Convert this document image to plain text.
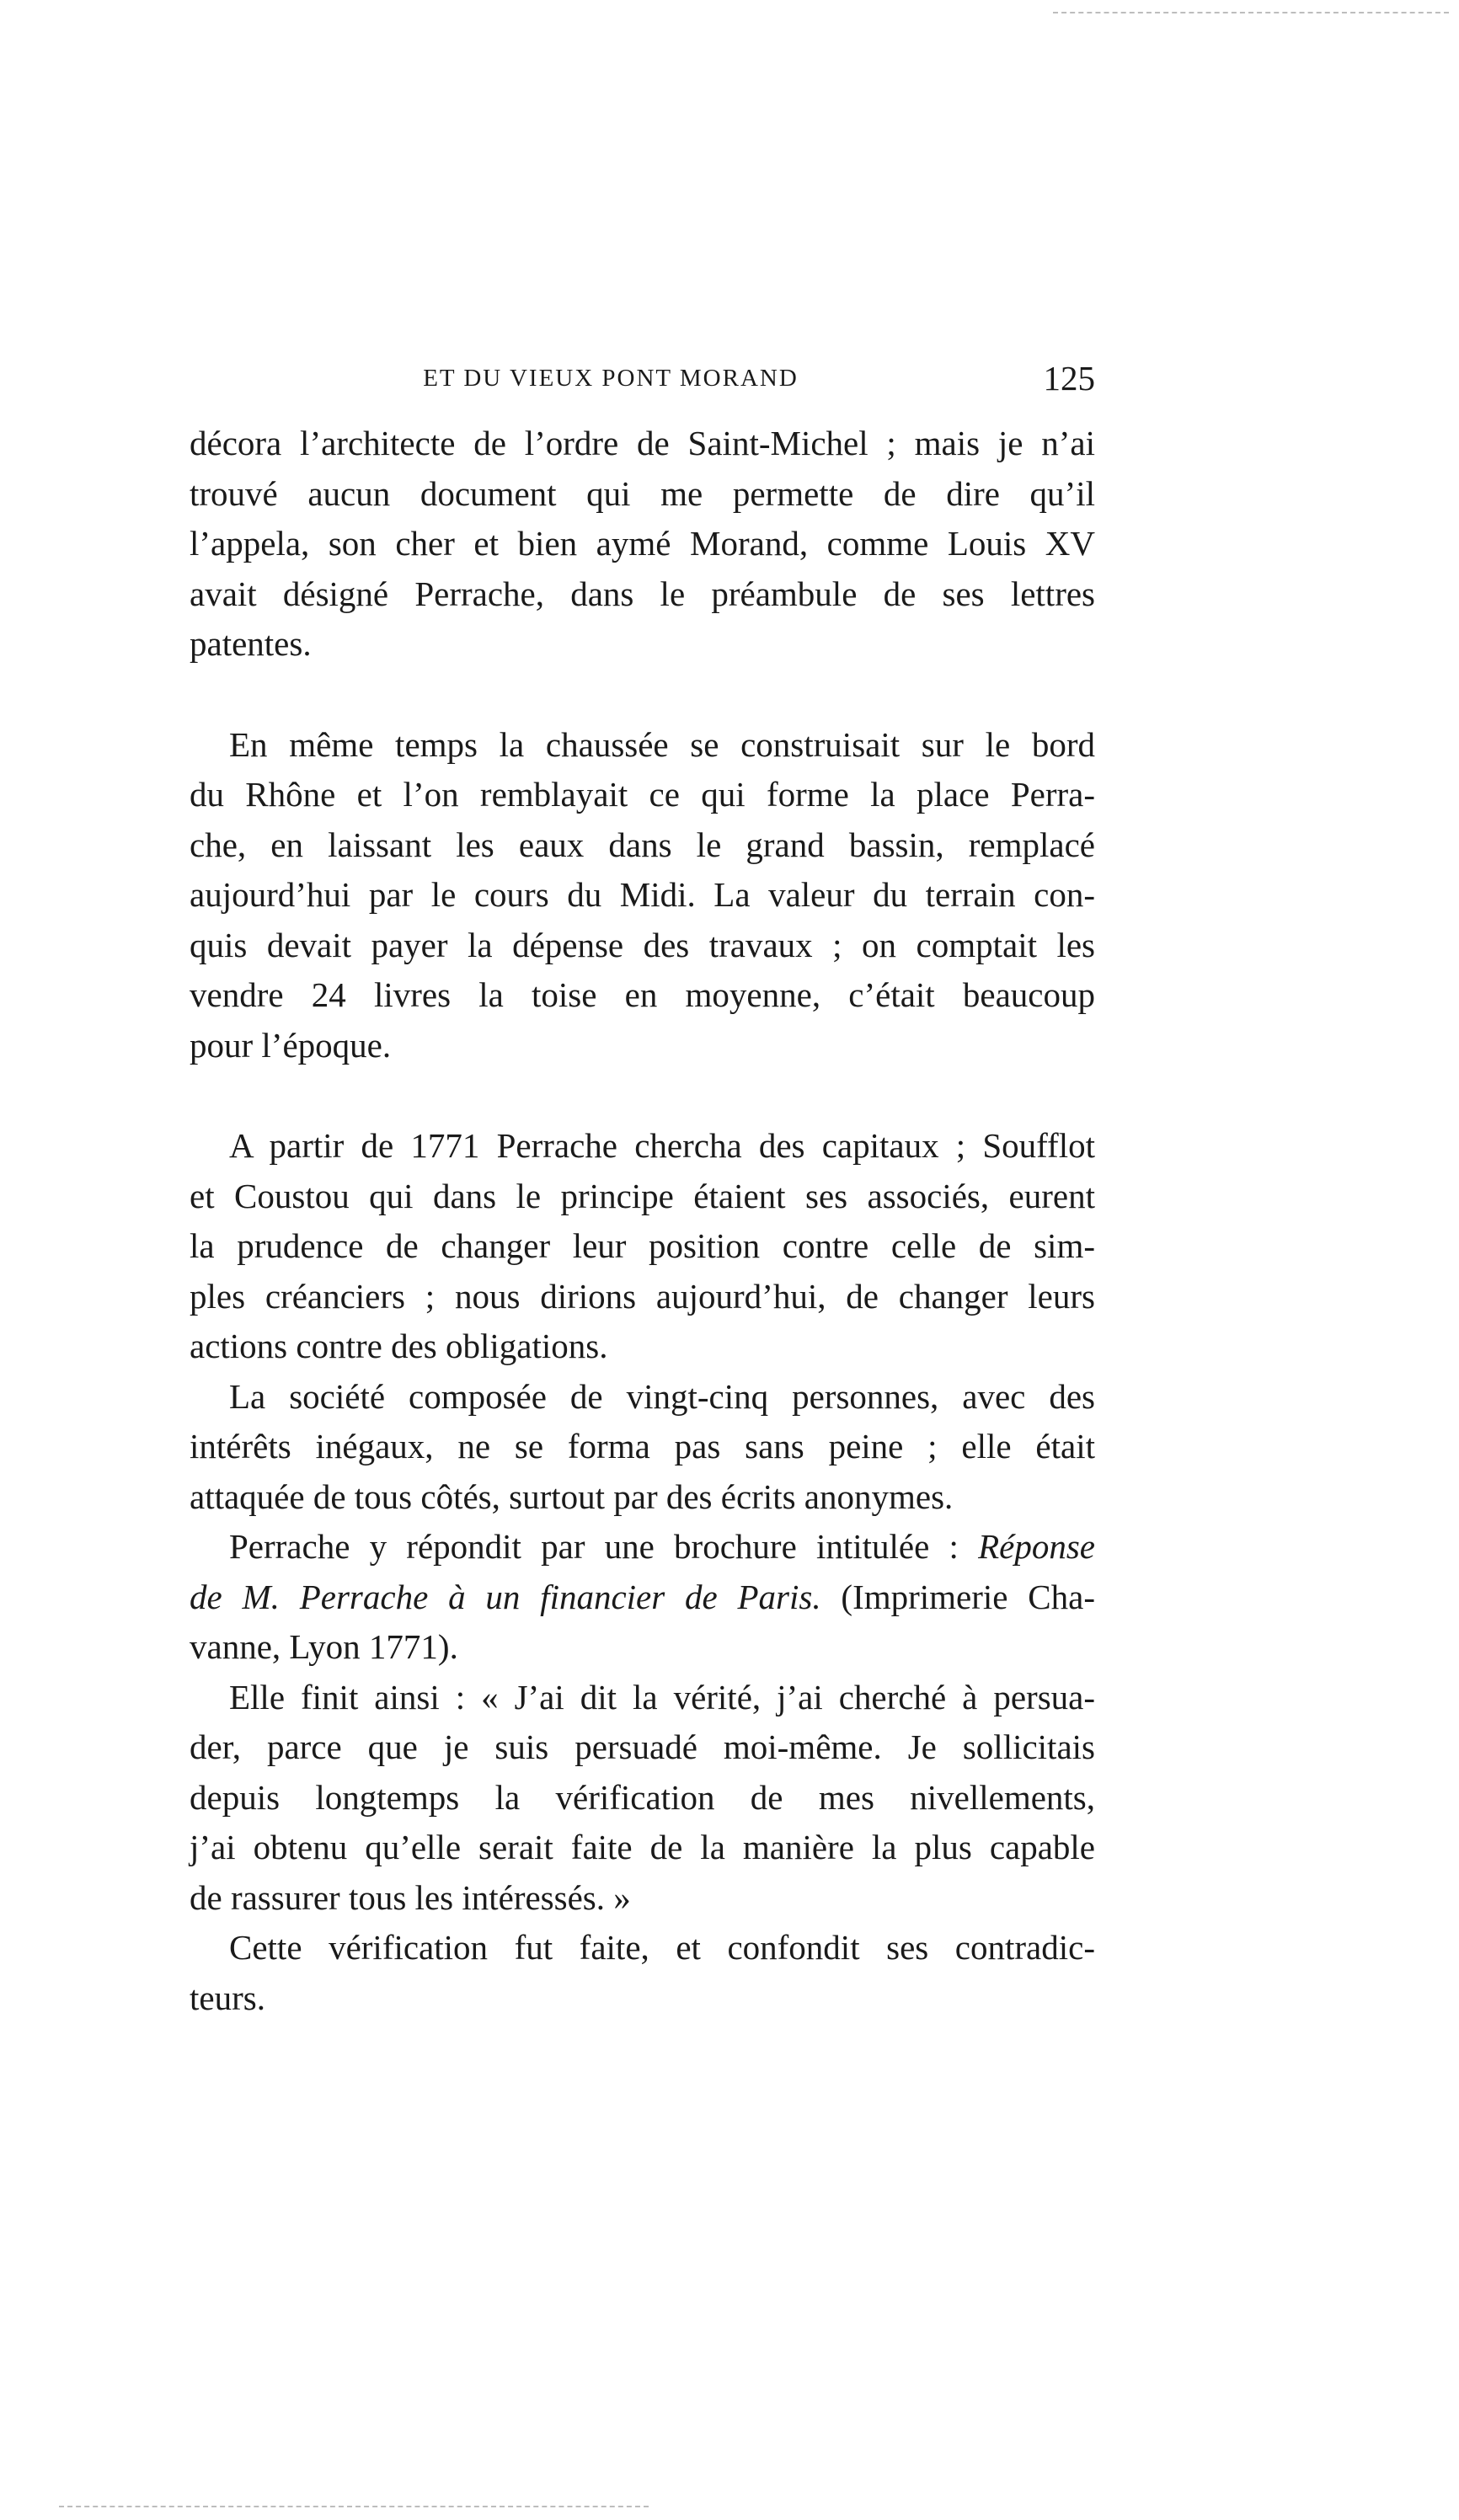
ET DU VIEUX PONT MORAND	125

décora l’architecte de l’ordre de Saint-Michel ; mais je n’ai
trouvé aucun document qui me permette de dire qu’il
l’appela, son cher et bien aymé Morand, comme Louis XV
avait désigné Perrache, dans le préambule de ses lettres
patentes.

En même temps la chaussée se construisait sur le bord
du Rhône et l’on remblayait ce qui forme la place Perra-
che, en laissant les eaux dans le grand bassin, remplacé
aujourd’hui par le cours du Midi. La valeur du terrain con-
quis devait payer la dépense des travaux ; on comptait les
vendre 24 livres la toise en moyenne, c’était beaucoup
pour l’époque.

A partir de 1771 Perrache chercha des capitaux ; Soufflot
et Coustou qui dans le principe étaient ses associés, eurent
la prudence de changer leur position contre celle de sim-
ples créanciers ; nous dirions aujourd’hui, de changer leurs
actions contre des obligations.

La société composée de vingt-cinq personnes, avec des
intérêts inégaux, ne se forma pas sans peine ; elle était
attaquée de tous côtés, surtout par des écrits anonymes.

Perrache y répondit par une brochure intitulée : Réponse
de M. Perrache à un financier de Paris. (Imprimerie Cha-
vanne, Lyon 1771).

Elle finit ainsi : « J’ai dit la vérité, j’ai cherché à persua-
der, parce que je suis persuadé moi-même. Je sollicitais
depuis longtemps la vérification de mes nivellements,
j’ai obtenu qu’elle serait faite de la manière la plus capable
de rassurer tous les intéressés. »

Cette vérification fut faite, et confondit ses contradic-
teurs.
